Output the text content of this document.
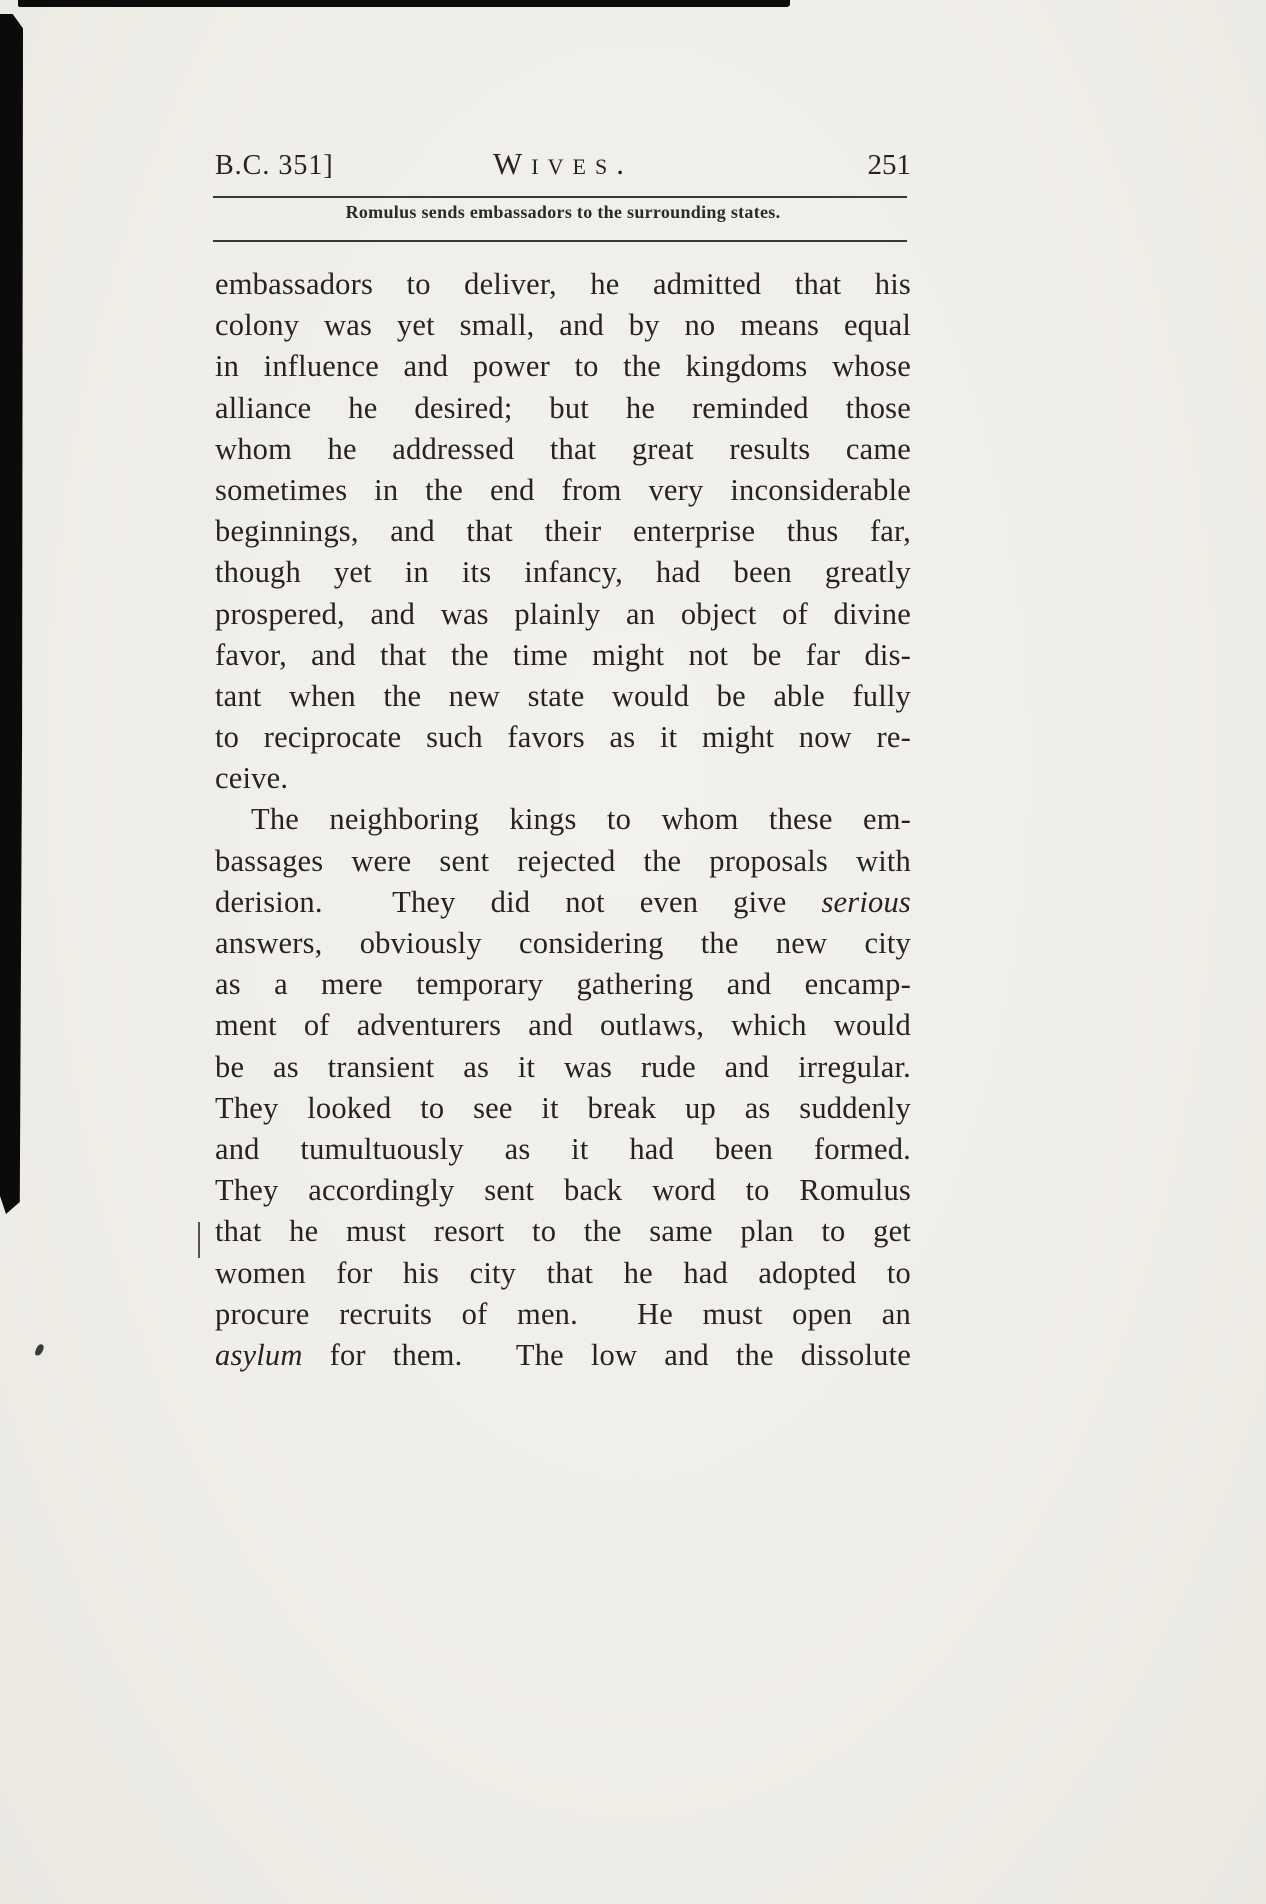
B.C. 351]	Wives.	251
Romulus sends embassadors to the surrounding states.
embassadors to deliver, he admitted that his
colony was yet small, and by no means equal
in influence and power to the kingdoms whose
alliance he desired; but he reminded those
whom he addressed that great results came
sometimes in the end from very inconsiderable
beginnings, and that their enterprise thus far,
though yet in its infancy, had been greatly
prospered, and was plainly an object of divine
favor, and that the time might not be far dis-
tant when the new state would be able fully
to reciprocate such favors as it might now re-
ceive.
The neighboring kings to whom these em-
bassages were sent rejected the proposals with
derision.  They did not even give serious
answers, obviously considering the new city
as a mere temporary gathering and encamp-
ment of adventurers and outlaws, which would
be as transient as it was rude and irregular.
They looked to see it break up as suddenly
and tumultuously as it had been formed.
They accordingly sent back word to Romulus
that he must resort to the same plan to get
women for his city that he had adopted to
procure recruits of men.  He must open an
asylum for them.  The low and the dissolute
